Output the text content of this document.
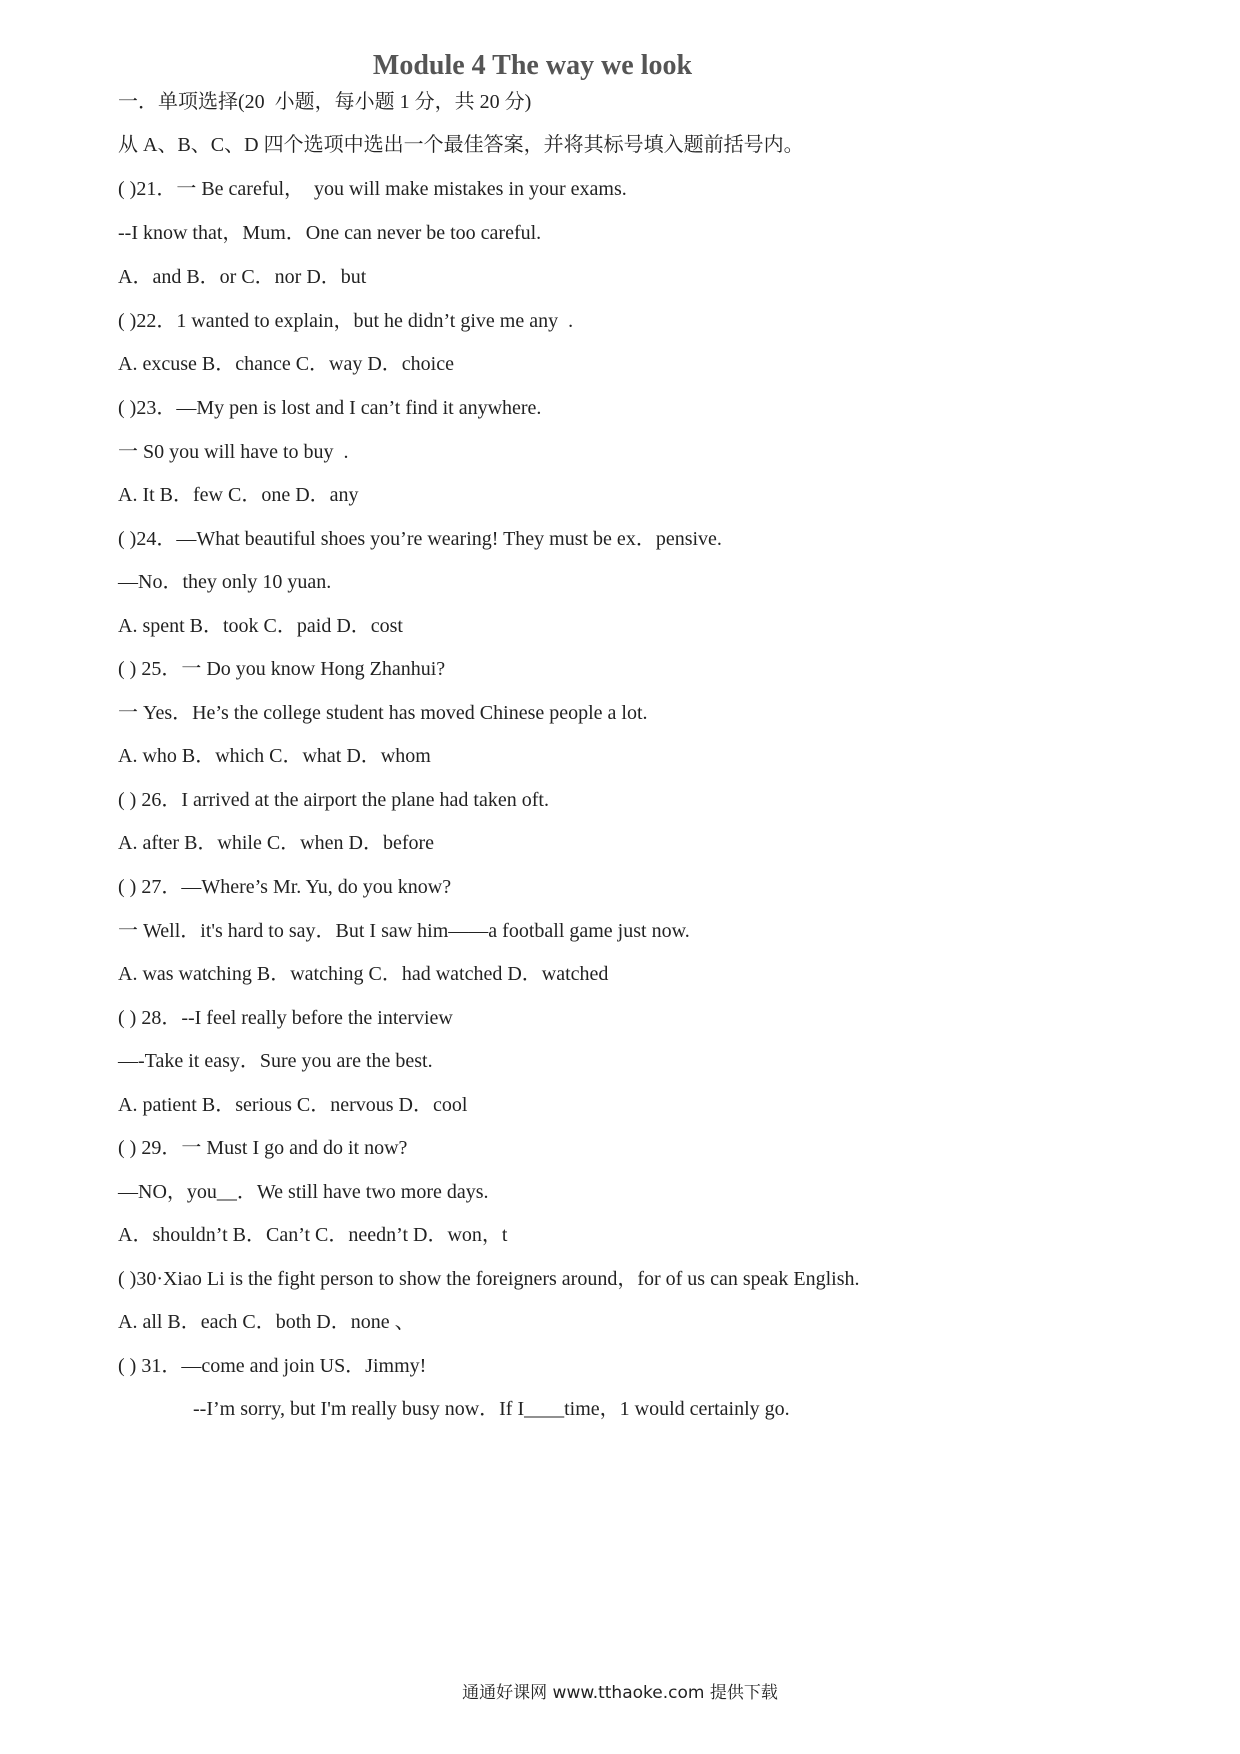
Module 4 The way we look
一．单项选择(20  小题，每小题 1 分，共 20 分)
从 A、B、C、D 四个选项中选出一个最佳答案，并将其标号填入题前括号内。
( )21．一 Be careful，  you will make mistakes in your exams.
--I know that，Mum．One can never be too careful.
A．and B．or C．nor D．but
( )22．1 wanted to explain，but he didn’t give me any  .
A. excuse B．chance C．way D．choice
( )23．—My pen is lost and I can’t find it anywhere.
一 S0 you will have to buy  .
A. It B．few C．one D．any
( )24．—What beautiful shoes you’re wearing! They must be ex．pensive.
—No．they only 10 yuan.
A. spent B．took C．paid D．cost
( ) 25．一 Do you know Hong Zhanhui?
一 Yes．He’s the college student has moved Chinese people a lot.
A. who B．which C．what D．whom
( ) 26．I arrived at the airport the plane had taken oft.
A. after B．while C．when D．before
( ) 27．—Where’s Mr. Yu, do you know?
一 Well．it's hard to say．But I saw him——a football game just now.
A. was watching B．watching C．had watched D．watched
( ) 28．--I feel really before the interview
—-Take it easy．Sure you are the best.
A. patient B．serious C．nervous D．cool
( ) 29．一 Must I go and do it now?
—NO，you__．We still have two more days.
A．shouldn’t B．Can’t C．needn’t D．won，t
( )30·Xiao Li is the fight person to show the foreigners around，for of us can speak English.
A. all B．each C．both D．none 、
( ) 31．—come and join US．Jimmy!
--I’m sorry, but I'm really busy now．If I____time，1 would certainly go.
通通好课网 www.tthaoke.com 提供下载
